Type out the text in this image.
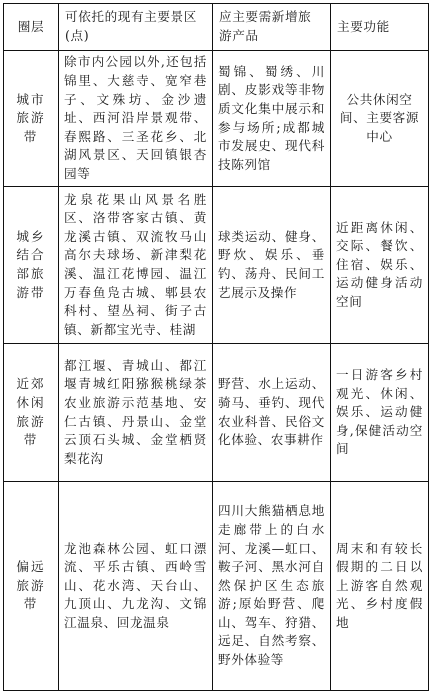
圈层	可依托的现有主要景区(点)	应主要需新增旅游产品	主要功能
城市旅游带	除市内公园以外,还包括锦里、大慈寺、宽窄巷子、文殊坊、金沙遗址、西河沿岸景观带、春熙路、三圣花乡、北湖风景区、天回镇银杏园等	蜀锦、蜀绣、川剧、皮影戏等非物质文化集中展示和参与场所;成都城市发展史、现代科技陈列馆	公共休闲空间、主要客源中心
城乡结合部旅游带	龙泉花果山风景名胜区、洛带客家古镇、黄龙溪古镇、双流牧马山高尔夫球场、新津梨花溪、温江花博园、温江万春鱼凫古城、郫县农科村、望丛祠、街子古镇、新都宝光寺、桂湖	球类运动、健身、野炊、娱乐、垂钓、荡舟、民间工艺展示及操作	近距离休闲、交际、餐饮、住宿、娱乐、运动健身活动空间
近郊休闲旅游带	都江堰、青城山、都江堰青城红阳猕猴桃绿茶农业旅游示范基地、安仁古镇、丹景山、金堂云顶石头城、金堂栖贤梨花沟	野营、水上运动、骑马、垂钓、现代农业科普、民俗文化体验、农事耕作	一日游客乡村观光、休闲、娱乐、运动健身,保健活动空间
偏远旅游带	龙池森林公园、虹口漂流、平乐古镇、西岭雪山、花水湾、天台山、九顶山、九龙沟、文锦江温泉、回龙温泉	四川大熊猫栖息地走廊带上的白水河、龙溪—虹口、鞍子河、黑水河自然保护区生态旅游;原始野营、爬山、驾车、狩猎、远足、自然考察、野外体验等	周末和有较长假期的二日以上游客自然观光、乡村度假地
